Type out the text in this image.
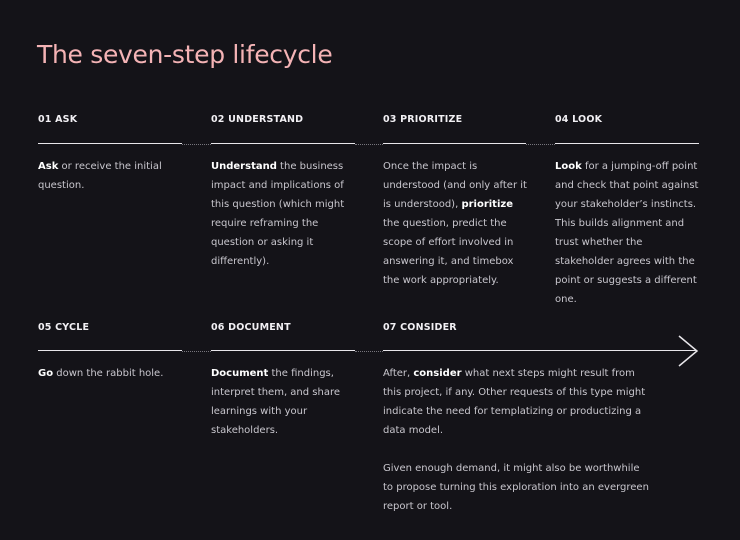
The seven-step lifecycle
01 ASK
Ask or receive the initial question.
02 UNDERSTAND
Understand the business impact and implications of this question (which might require reframing the question or asking it differently).
03 PRIORITIZE
Once the impact is understood (and only after it is understood), prioritize the question, predict the scope of effort involved in answering it, and timebox the work appropriately.
04 LOOK
Look for a jumping-off point and check that point against your stakeholder’s instincts. This builds alignment and trust whether the stakeholder agrees with the point or suggests a different one.
05 CYCLE
Go down the rabbit hole.
06 DOCUMENT
Document the findings, interpret them, and share learnings with your stakeholders.
07 CONSIDER

After, consider what next steps might result from this project, if any. Other requests of this type might indicate the need for templatizing or productizing a data model.

Given enough demand, it might also be worthwhile to propose turning this exploration into an evergreen report or tool.
